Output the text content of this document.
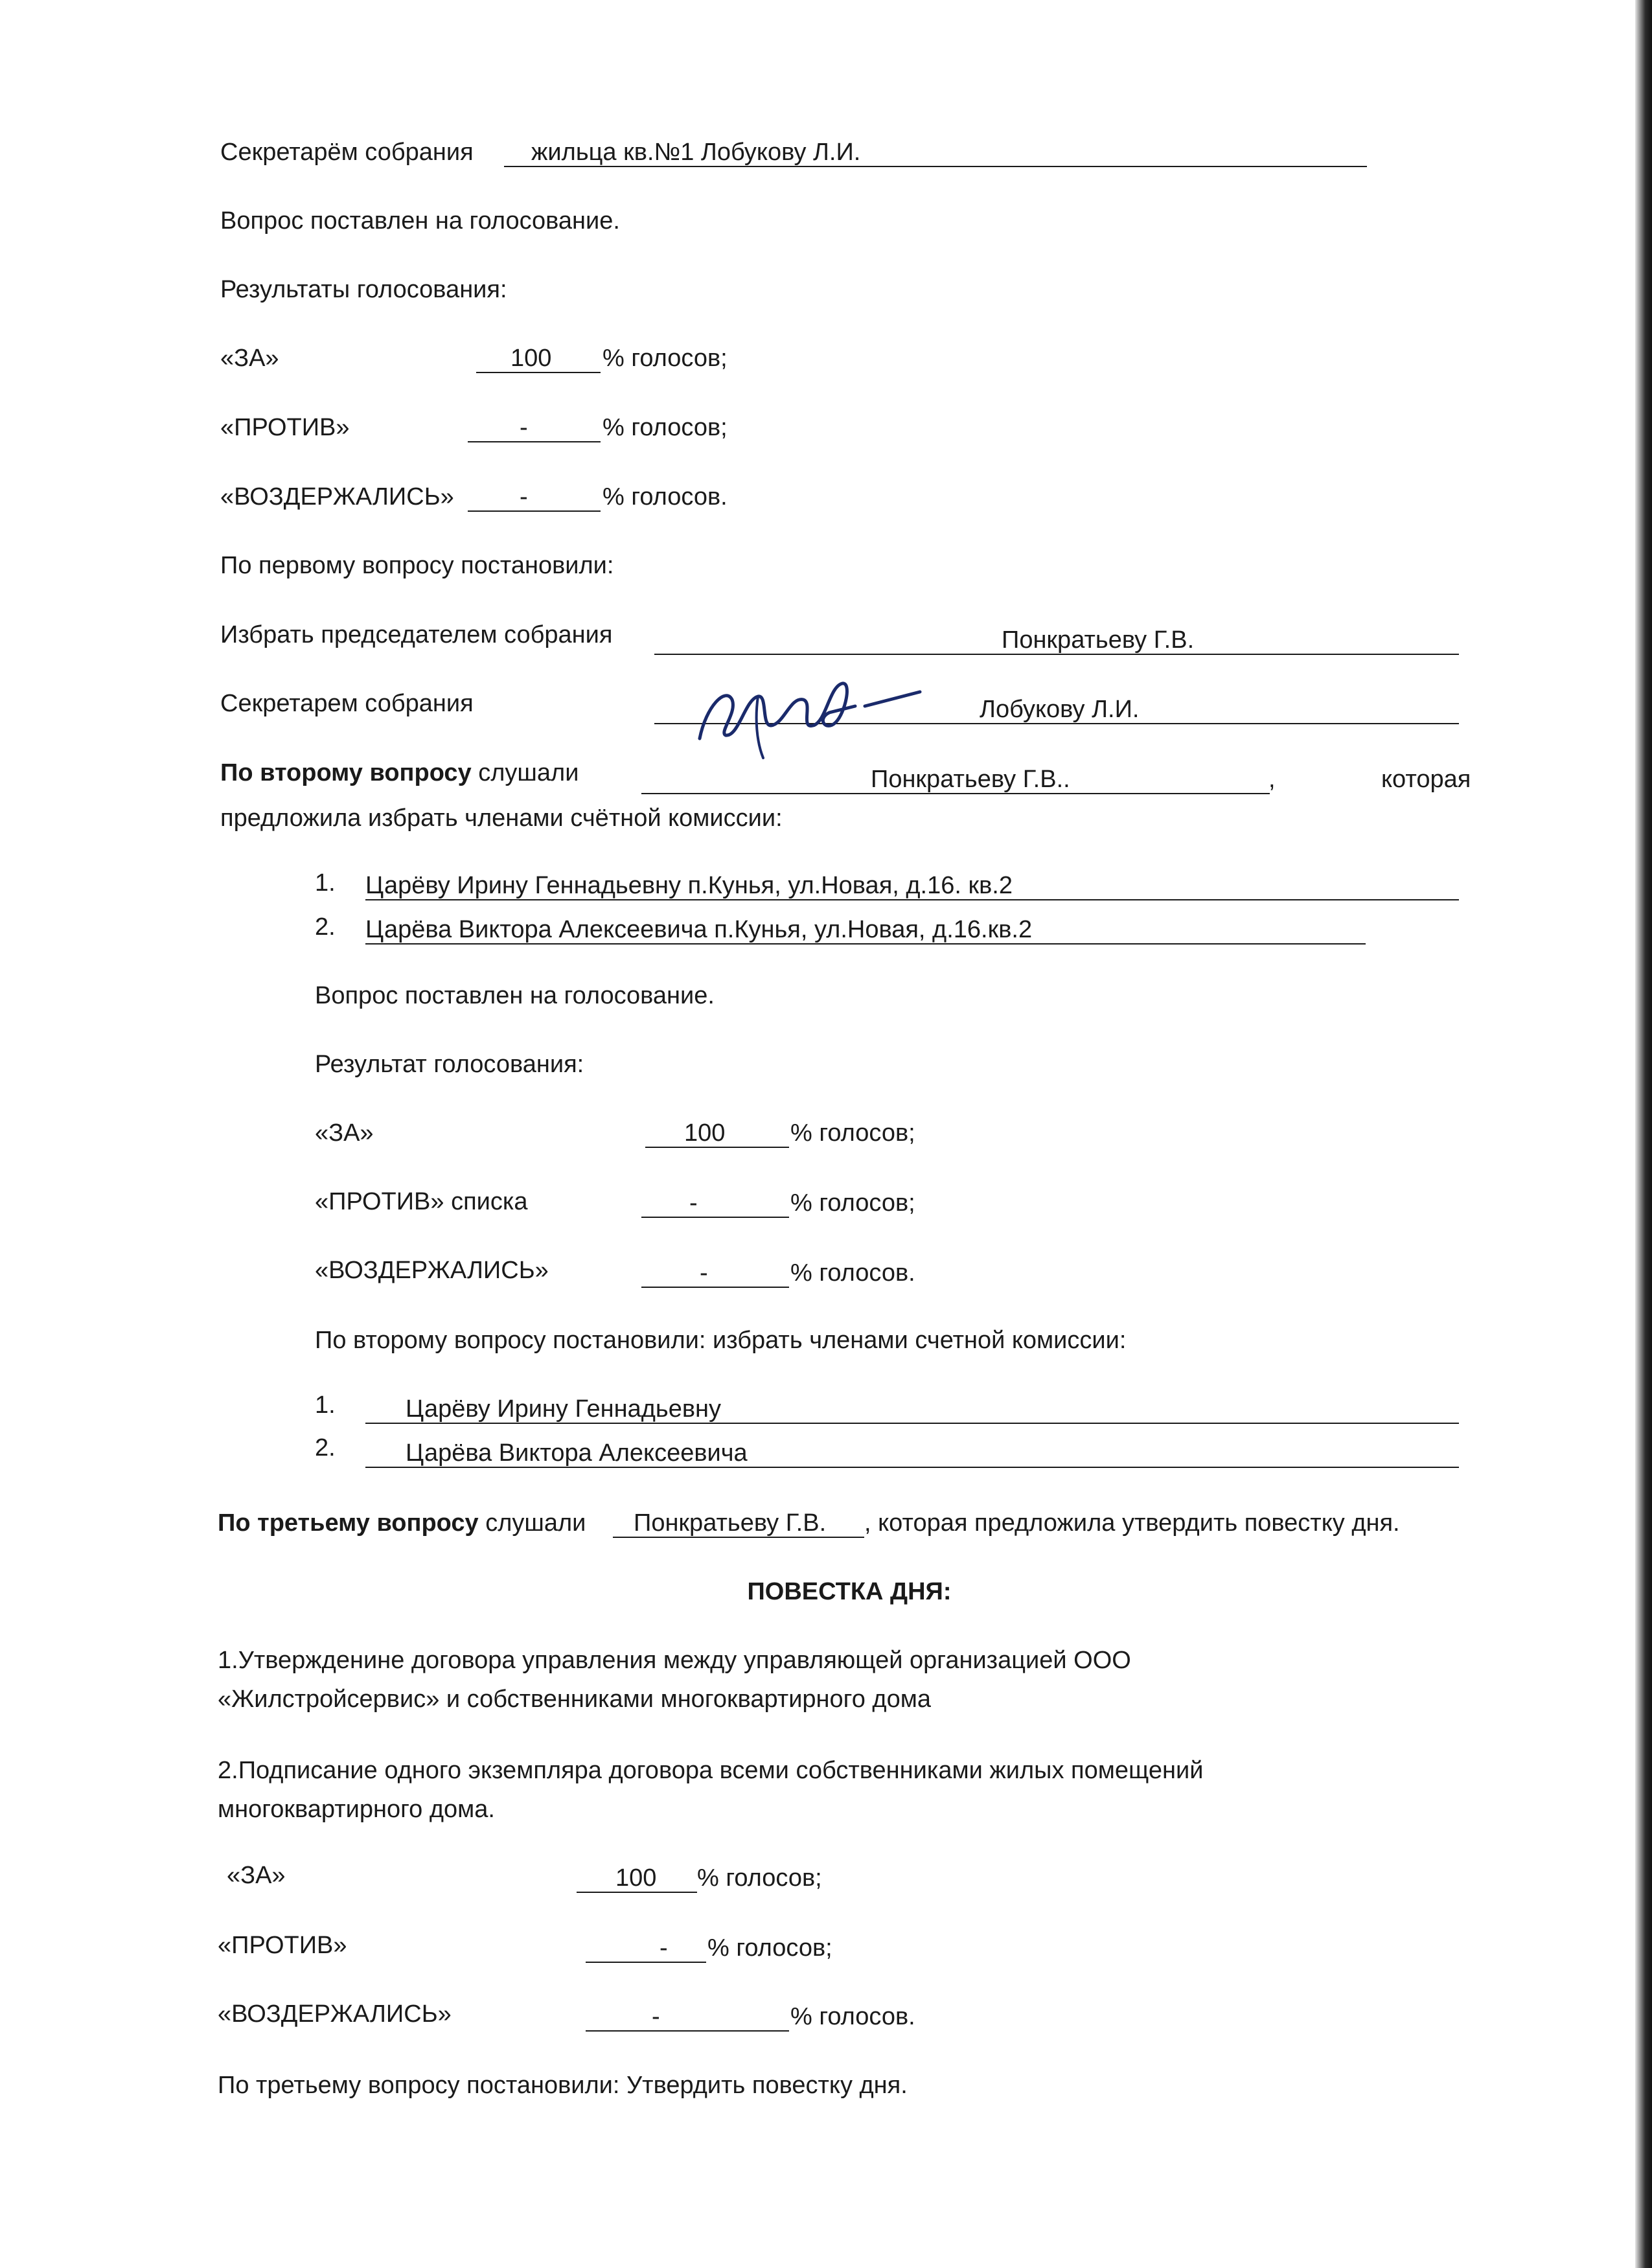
Секретарём собрания жильца кв.№1 Лобукову Л.И.
Вопрос поставлен на голосование.
Результаты голосования:
«ЗА»	100 % голосов;
«ПРОТИВ»	-	% голосов;
«ВОЗДЕРЖАЛИСЬ»	-	% голосов.
По первому вопросу постановили:
Избрать председателем собрания	Понкратьеву Г.В.
Секретарем собрания	Лобукову Л.И.
По второму вопросу слушали	Понкратьеву Г.В..	,	которая
предложила избрать членами счётной комиссии:
1. Царёву Ирину Геннадьевну п.Кунья, ул.Новая, д.16. кв.2
2. Царёва Виктора Алексеевича п.Кунья, ул.Новая, д.16.кв.2
Вопрос поставлен на голосование.
Результат голосования:
«ЗА»	100	% голосов;
«ПРОТИВ» списка	-	% голосов;
«ВОЗДЕРЖАЛИСЬ»	-	% голосов.
По второму вопросу постановили: избрать членами счетной комиссии:
1.	Царёву Ирину Геннадьевну
2.	Царёва Виктора Алексеевича
По третьему вопросу слушали Понкратьеву Г.В. , которая предложила утвердить повестку дня.
ПОВЕСТКА ДНЯ:
1.Утвержденине договора управления между управляющей организацией ООО
«Жилстройсервис» и собственниками многоквартирного дома
2.Подписание одного экземпляра договора всеми собственниками жилых помещений
многоквартирного дома.
«ЗА»	100 % голосов;
«ПРОТИВ»	- % голосов;
«ВОЗДЕРЖАЛИСЬ»	-	% голосов.
По третьему вопросу постановили: Утвердить повестку дня.
